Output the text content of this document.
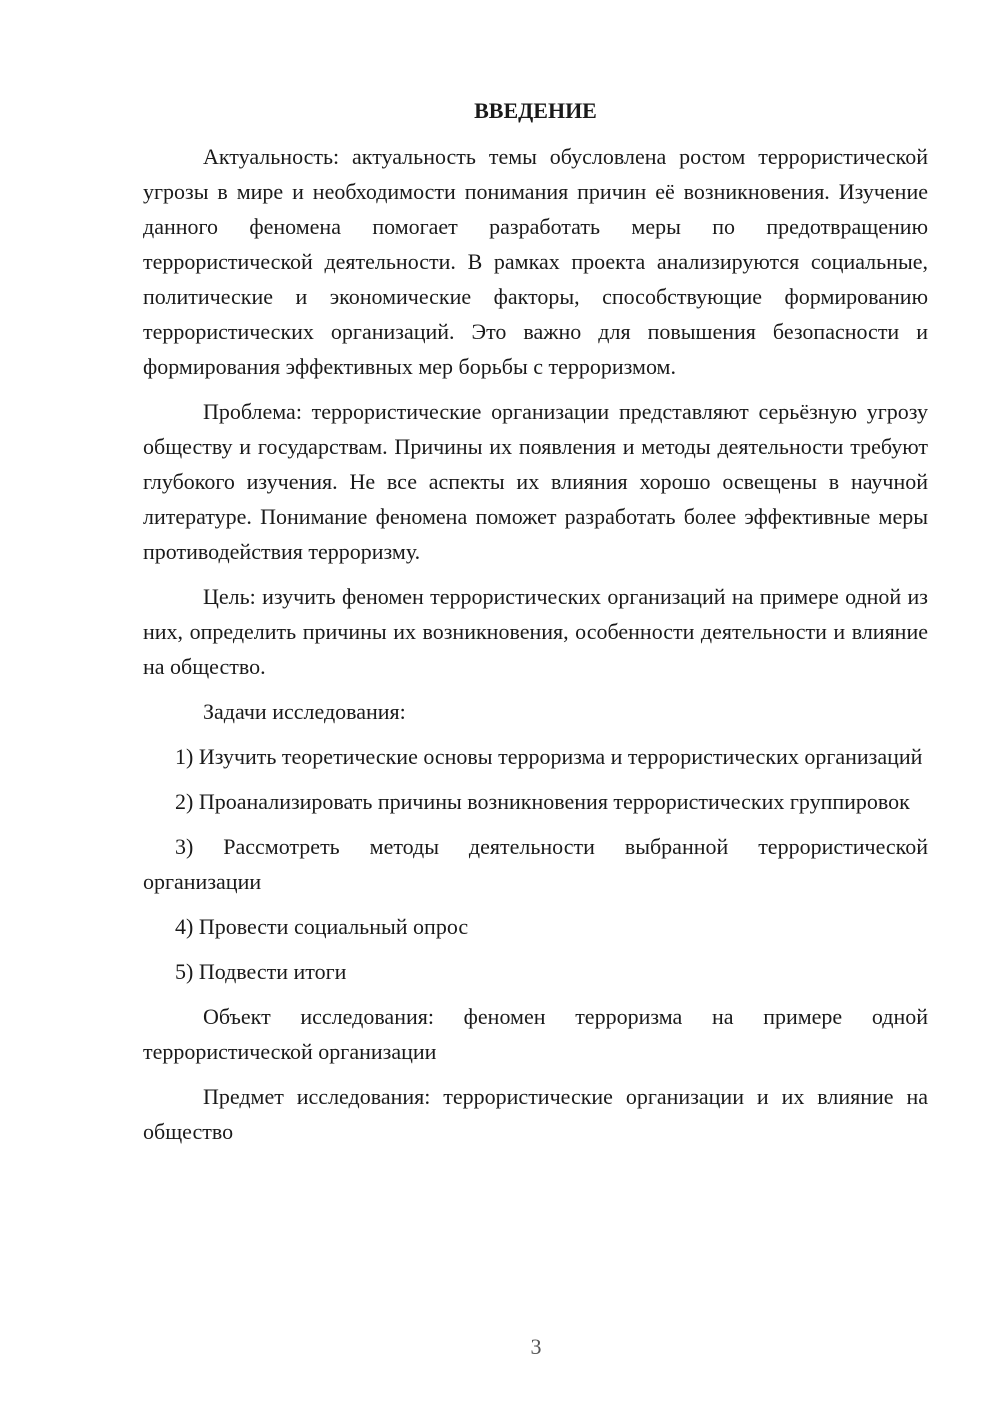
ВВЕДЕНИЕ

Актуальность: актуальность темы обусловлена ростом террористической угрозы в мире и необходимости понимания причин её возникновения. Изучение данного феномена помогает разработать меры по предотвращению террористической деятельности. В рамках проекта анализируются социальные, политические и экономические факторы, способствующие формированию террористических организаций. Это важно для повышения безопасности и формирования эффективных мер борьбы с терроризмом.

Проблема: террористические организации представляют серьёзную угрозу обществу и государствам. Причины их появления и методы деятельности требуют глубокого изучения. Не все аспекты их влияния хорошо освещены в научной литературе. Понимание феномена поможет разработать более эффективные меры противодействия терроризму.

Цель: изучить феномен террористических организаций на примере одной из них, определить причины их возникновения, особенности деятельности и влияние на общество.

Задачи исследования:

1) Изучить теоретические основы терроризма и террористических организаций

2) Проанализировать причины возникновения террористических группировок

3) Рассмотреть методы деятельности выбранной террористической организации

4) Провести социальный опрос

5) Подвести итоги

Объект исследования: феномен терроризма на примере одной террористической организации

Предмет исследования: террористические организации и их влияние на общество

3
